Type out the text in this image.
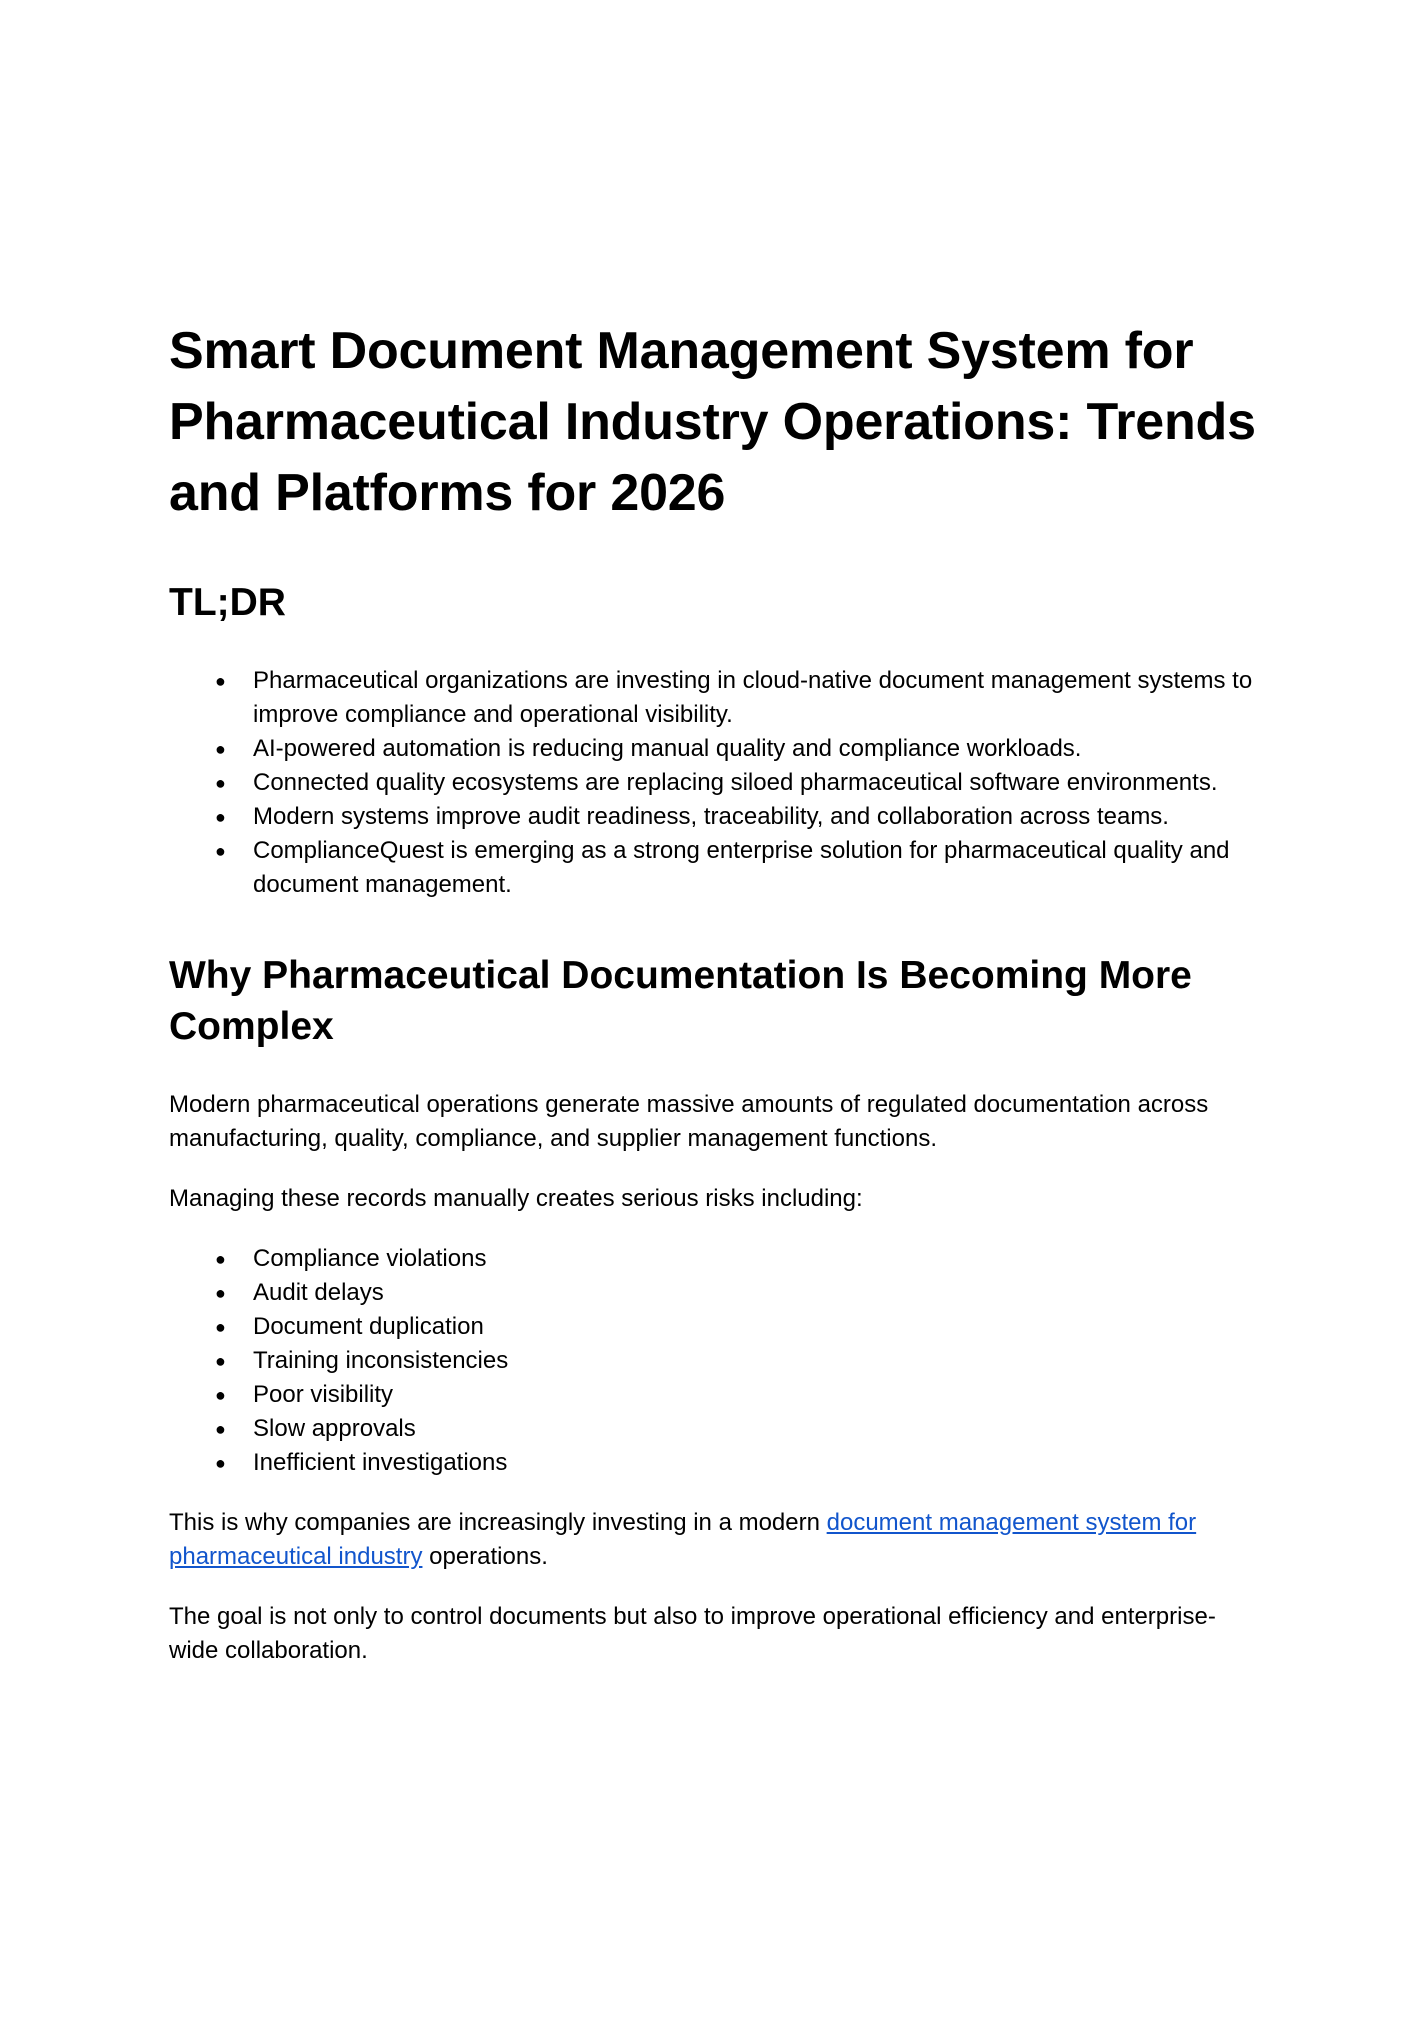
Smart Document Management System for Pharmaceutical Industry Operations: Trends and Platforms for 2026
TL;DR
● Pharmaceutical organizations are investing in cloud-native document management systems to improve compliance and operational visibility.
● AI-powered automation is reducing manual quality and compliance workloads.
● Connected quality ecosystems are replacing siloed pharmaceutical software environments.
● Modern systems improve audit readiness, traceability, and collaboration across teams.
● ComplianceQuest is emerging as a strong enterprise solution for pharmaceutical quality and document management.
Why Pharmaceutical Documentation Is Becoming More Complex

Modern pharmaceutical operations generate massive amounts of regulated documentation across manufacturing, quality, compliance, and supplier management functions.

Managing these records manually creates serious risks including:

● Compliance violations
● Audit delays
● Document duplication
● Training inconsistencies
● Poor visibility
● Slow approvals
● Inefficient investigations

This is why companies are increasingly investing in a modern document management system for pharmaceutical industry operations.

The goal is not only to control documents but also to improve operational efficiency and enterprise-wide collaboration.
